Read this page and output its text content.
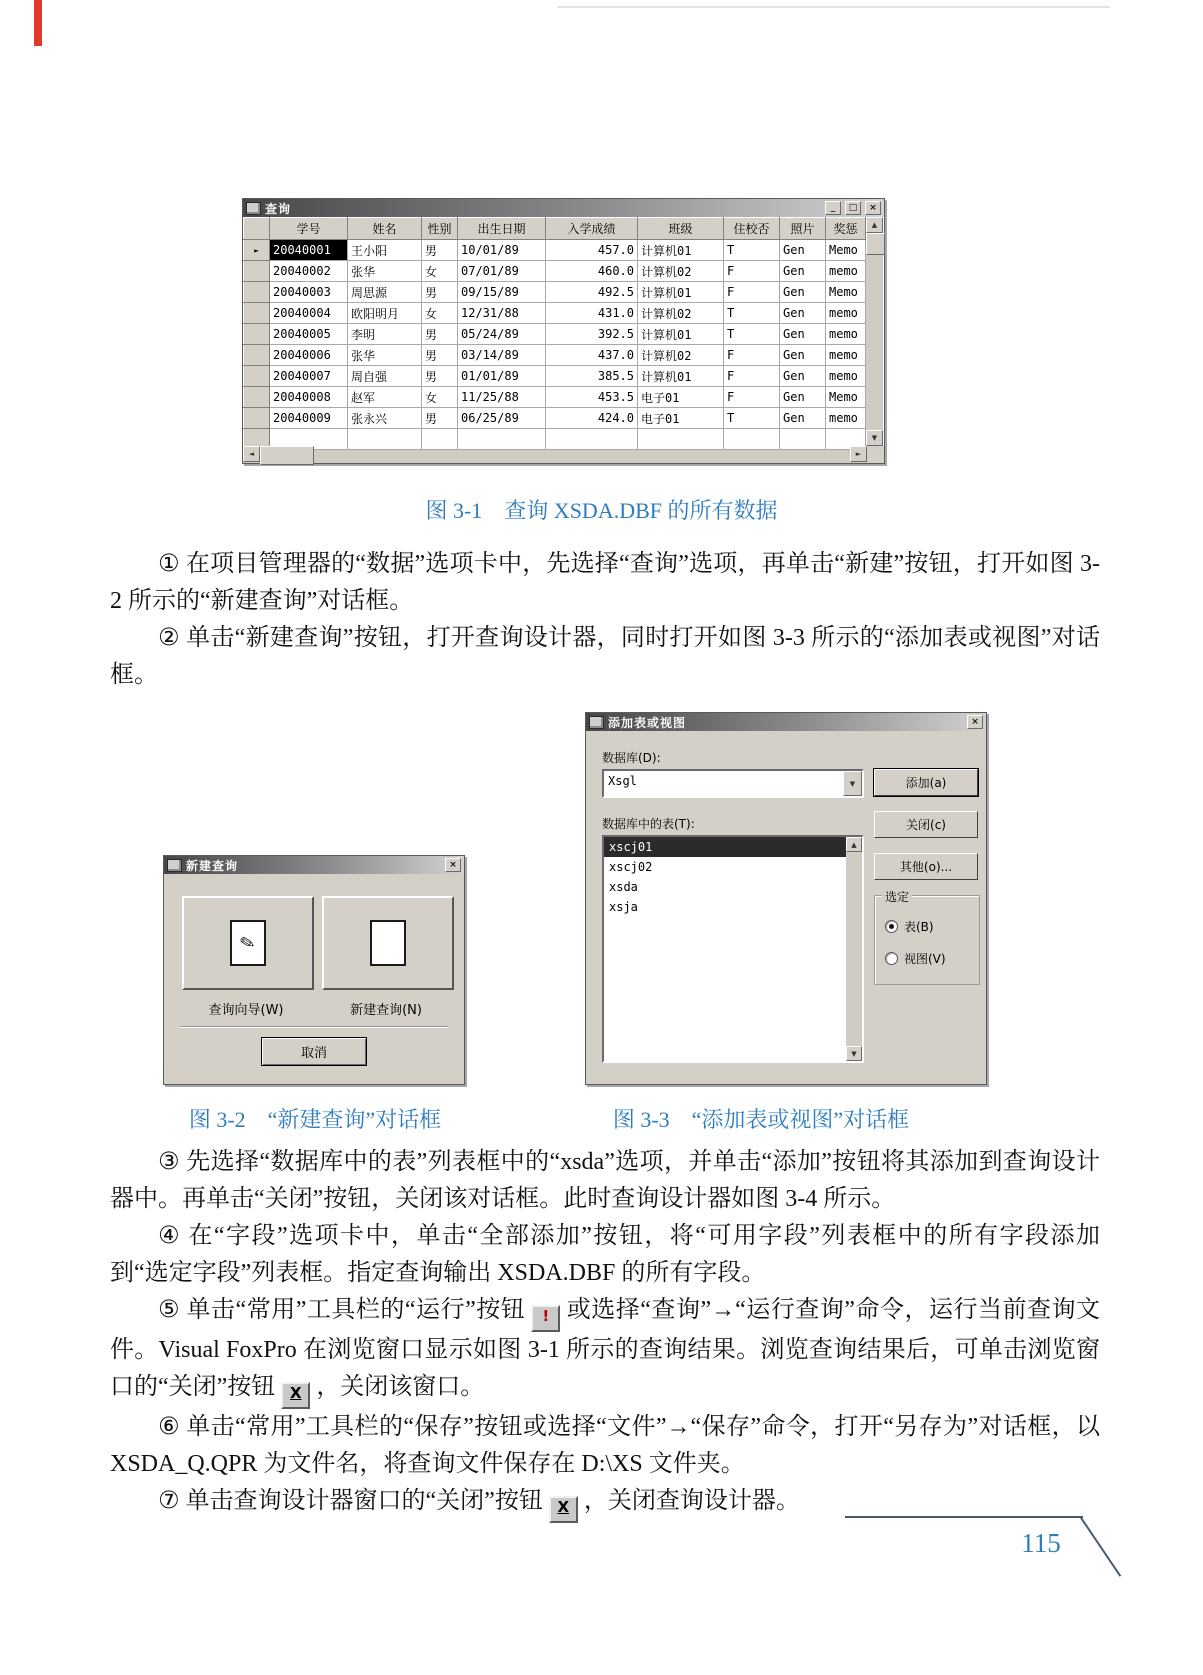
查询	_	□	×
	学号	姓名	性别	出生日期	入学成绩	班级	住校否	照片	奖惩
►	20040001	王小阳	男	10/01/89	457.0	计算机01	T	Gen	Memo
	20040002	张华	女	07/01/89	460.0	计算机02	F	Gen	memo
	20040003	周思源	男	09/15/89	492.5	计算机01	F	Gen	Memo
	20040004	欧阳明月	女	12/31/88	431.0	计算机02	T	Gen	memo
	20040005	李明	男	05/24/89	392.5	计算机01	T	Gen	memo
	20040006	张华	男	03/14/89	437.0	计算机02	F	Gen	memo
	20040007	周自强	男	01/01/89	385.5	计算机01	F	Gen	memo
	20040008	赵军	女	11/25/88	453.5	电子01	F	Gen	Memo
	20040009	张永兴	男	06/25/89	424.0	电子01	T	Gen	memo

▲
▼
◄	►
图 3-1　查询 XSDA.DBF 的所有数据

① 在项目管理器的“数据”选项卡中，先选择“查询”选项，再单击“新建”按钮，打开如图 3-2 所示的“新建查询”对话框。

② 单击“新建查询”按钮，打开查询设计器，同时打开如图 3-3 所示的“添加表或视图”对话框。

新建查询	×
✎
查询向导(W)	新建查询(N)
取消
添加表或视图	×
数据库(D):
Xsgl	▼
数据库中的表(T):
xscj01
xscj02
xsda
xsja
▲
▼
添加(a)
关闭(c)
其他(o)...
选定
表(B)
视图(V)
图 3-2　“新建查询”对话框	图 3-3　“添加表或视图”对话框

③ 先选择“数据库中的表”列表框中的“xsda”选项，并单击“添加”按钮将其添加到查询设计器中。再单击“关闭”按钮，关闭该对话框。此时查询设计器如图 3-4 所示。

④ 在“字段”选项卡中，单击“全部添加”按钮，将“可用字段”列表框中的所有字段添加到“选定字段”列表框。指定查询输出 XSDA.DBF 的所有字段。

⑤ 单击“常用”工具栏的“运行”按钮 ! 或选择“查询”→“运行查询”命令，运行当前查询文件。Visual FoxPro 在浏览窗口显示如图 3-1 所示的查询结果。浏览查询结果后，可单击浏览窗口的“关闭”按钮 X ，关闭该窗口。

⑥ 单击“常用”工具栏的“保存”按钮或选择“文件”→“保存”命令，打开“另存为”对话框，以 XSDA_Q.QPR 为文件名，将查询文件保存在 D:\XS 文件夹。

⑦ 单击查询设计器窗口的“关闭”按钮 X ，关闭查询设计器。

115
